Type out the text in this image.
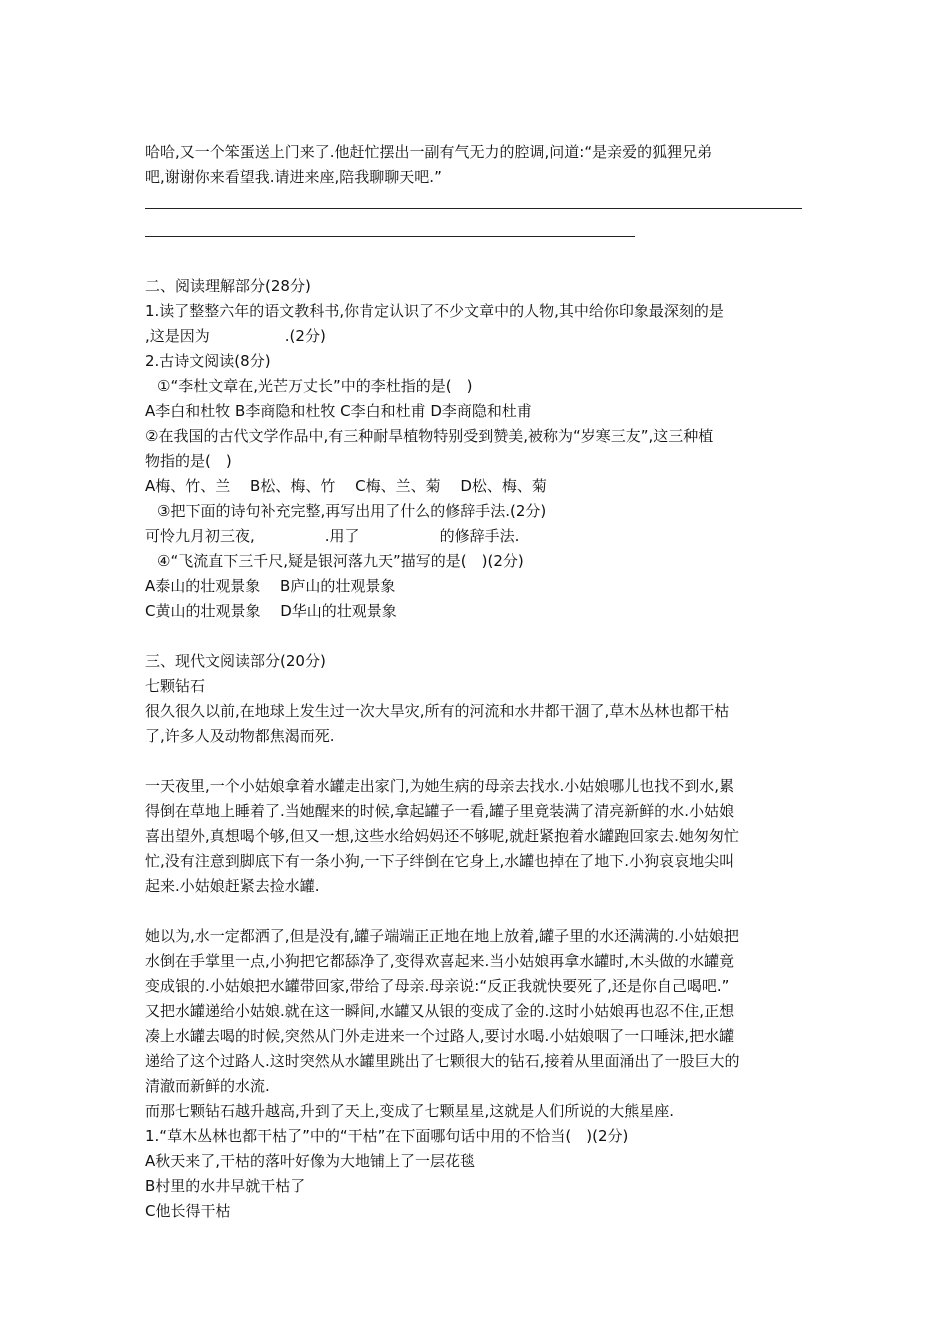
哈哈,又一个笨蛋送上门来了.他赶忙摆出一副有气无力的腔调,问道:“是亲爱的狐狸兄弟
吧,谢谢你来看望我.请进来座,陪我聊聊天吧.”
二、阅读理解部分(28分)
1.读了整整六年的语文教科书,你肯定认识了不少文章中的人物,其中给你印象最深刻的是
,这是因为	.(2分)
2.古诗文阅读(8分)
①“李杜文章在,光芒万丈长”中的李杜指的是(　)
A李白和杜牧 B李商隐和杜牧 C李白和杜甫 D李商隐和杜甫
②在我国的古代文学作品中,有三种耐旱植物特别受到赞美,被称为“岁寒三友”,这三种植
物指的是(　)
A梅、竹、兰　 B松、梅、竹　 C梅、兰、菊　 D松、梅、菊
③把下面的诗句补充完整,再写出用了什么的修辞手法.(2分)
可怜九月初三夜,	.用了	的修辞手法.
④“飞流直下三千尺,疑是银河落九天”描写的是(　)(2分)
A泰山的壮观景象　 B庐山的壮观景象
C黄山的壮观景象　 D华山的壮观景象
三、现代文阅读部分(20分)
七颗钻石
很久很久以前,在地球上发生过一次大旱灾,所有的河流和水井都干涸了,草木丛林也都干枯
了,许多人及动物都焦渴而死.
一天夜里,一个小姑娘拿着水罐走出家门,为她生病的母亲去找水.小姑娘哪儿也找不到水,累
得倒在草地上睡着了.当她醒来的时候,拿起罐子一看,罐子里竟装满了清亮新鲜的水.小姑娘
喜出望外,真想喝个够,但又一想,这些水给妈妈还不够呢,就赶紧抱着水罐跑回家去.她匆匆忙
忙,没有注意到脚底下有一条小狗,一下子绊倒在它身上,水罐也掉在了地下.小狗哀哀地尖叫
起来.小姑娘赶紧去捡水罐.
她以为,水一定都洒了,但是没有,罐子端端正正地在地上放着,罐子里的水还满满的.小姑娘把
水倒在手掌里一点,小狗把它都舔净了,变得欢喜起来.当小姑娘再拿水罐时,木头做的水罐竟
变成银的.小姑娘把水罐带回家,带给了母亲.母亲说:“反正我就快要死了,还是你自己喝吧.”
又把水罐递给小姑娘.就在这一瞬间,水罐又从银的变成了金的.这时小姑娘再也忍不住,正想
凑上水罐去喝的时候,突然从门外走进来一个过路人,要讨水喝.小姑娘咽了一口唾沫,把水罐
递给了这个过路人.这时突然从水罐里跳出了七颗很大的钻石,接着从里面涌出了一股巨大的
清澈而新鲜的水流.
而那七颗钻石越升越高,升到了天上,变成了七颗星星,这就是人们所说的大熊星座.
1.“草木丛林也都干枯了”中的“干枯”在下面哪句话中用的不恰当(　)(2分)
A秋天来了,干枯的落叶好像为大地铺上了一层花毯
B村里的水井早就干枯了
C他长得干枯
